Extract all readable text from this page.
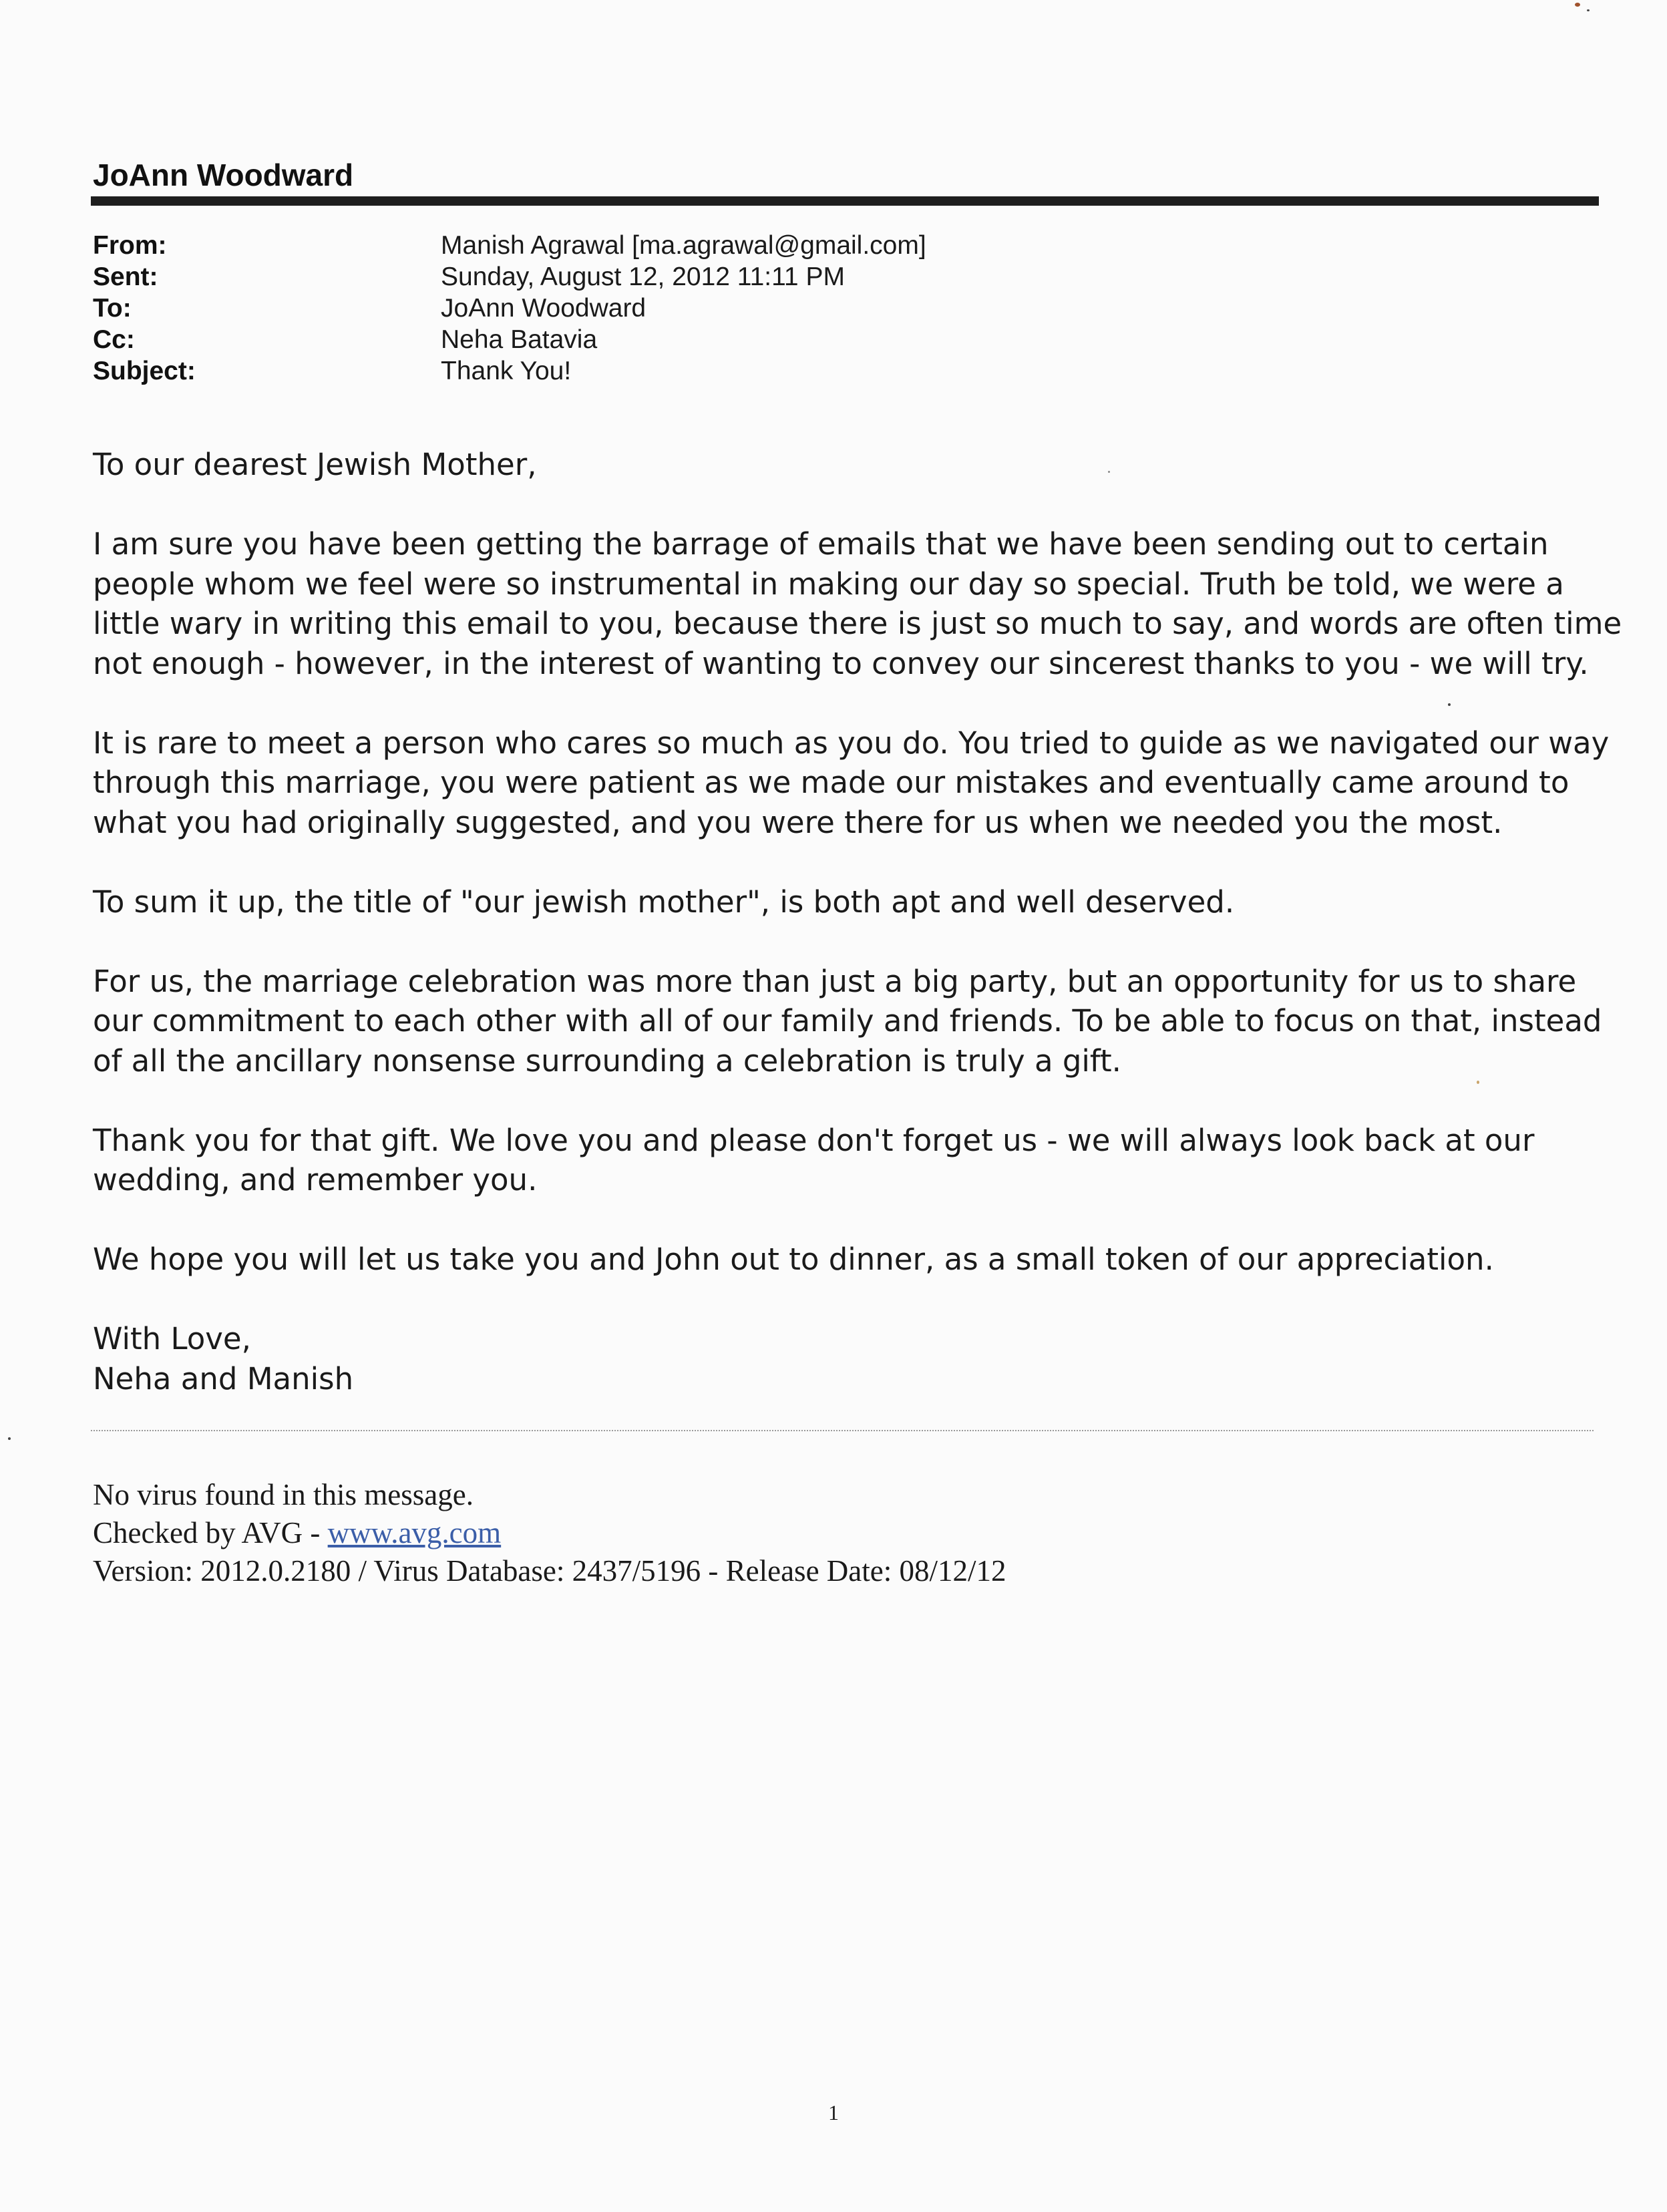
JoAnn Woodward
From:	Manish Agrawal [ma.agrawal@gmail.com]
Sent:	Sunday, August 12, 2012 11:11 PM
To:	JoAnn Woodward
Cc:	Neha Batavia
Subject:	Thank You!

To our dearest Jewish Mother,

I am sure you have been getting the barrage of emails that we have been sending out to certain
people whom we feel were so instrumental in making our day so special. Truth be told, we were a
little wary in writing this email to you, because there is just so much to say, and words are often time
not enough - however, in the interest of wanting to convey our sincerest thanks to you - we will try.

It is rare to meet a person who cares so much as you do. You tried to guide as we navigated our way
through this marriage, you were patient as we made our mistakes and eventually came around to
what you had originally suggested, and you were there for us when we needed you the most.

To sum it up, the title of "our jewish mother", is both apt and well deserved.

For us, the marriage celebration was more than just a big party, but an opportunity for us to share
our commitment to each other with all of our family and friends. To be able to focus on that, instead
of all the ancillary nonsense surrounding a celebration is truly a gift.

Thank you for that gift. We love you and please don't forget us - we will always look back at our
wedding, and remember you.

We hope you will let us take you and John out to dinner, as a small token of our appreciation.

With Love,
Neha and Manish

No virus found in this message.
Checked by AVG - www.avg.com
Version: 2012.0.2180 / Virus Database: 2437/5196 - Release Date: 08/12/12
1
